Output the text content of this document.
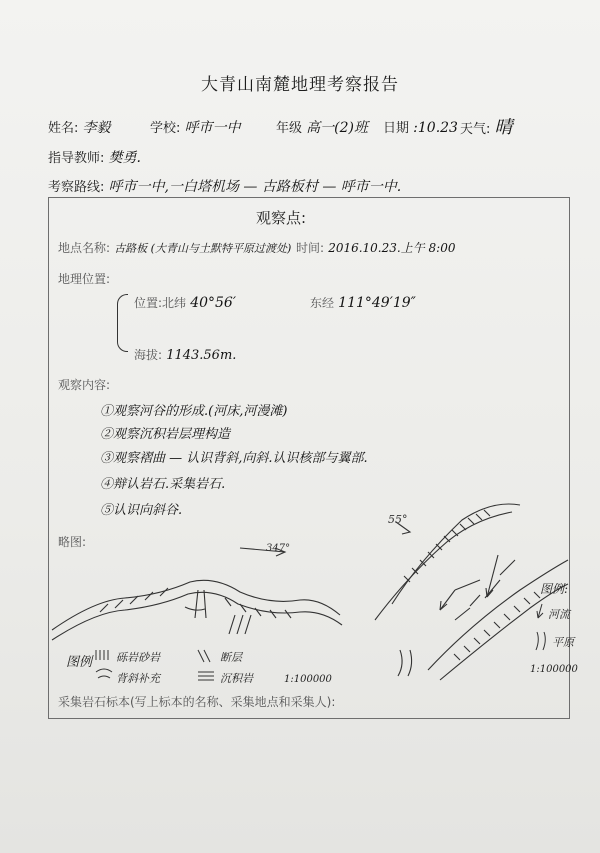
大青山南麓地理考察报告
姓名: 李毅	学校: 呼市一中	年级 高一(2)班 日期 :10.23 天气: 晴
指导教师: 樊勇.
考察路线: 呼市一中,一白塔机场 — 古路板村 — 呼市一中.
观察点:
地点名称: 古路板 (大青山与土默特平原过渡处) 时间: 2016.10.23.上午 8:00
地理位置:
位置:北纬 40°56′	东经 111°49′19″
海拔: 1143.56m.
观察内容:
①观察河谷的形成.(河床,河漫滩)
②观察沉积岩层理构造
③观察褶曲 — 认识背斜,向斜.认识核部与翼部.
④辩认岩石.采集岩石.
⑤认识向斜谷.
略图:	347°
55°
图例 砾岩砂岩	断层
背斜补充	沉积岩	1:100000
图例:
河流
平原
1:100000
采集岩石标本(写上标本的名称、采集地点和采集人):
